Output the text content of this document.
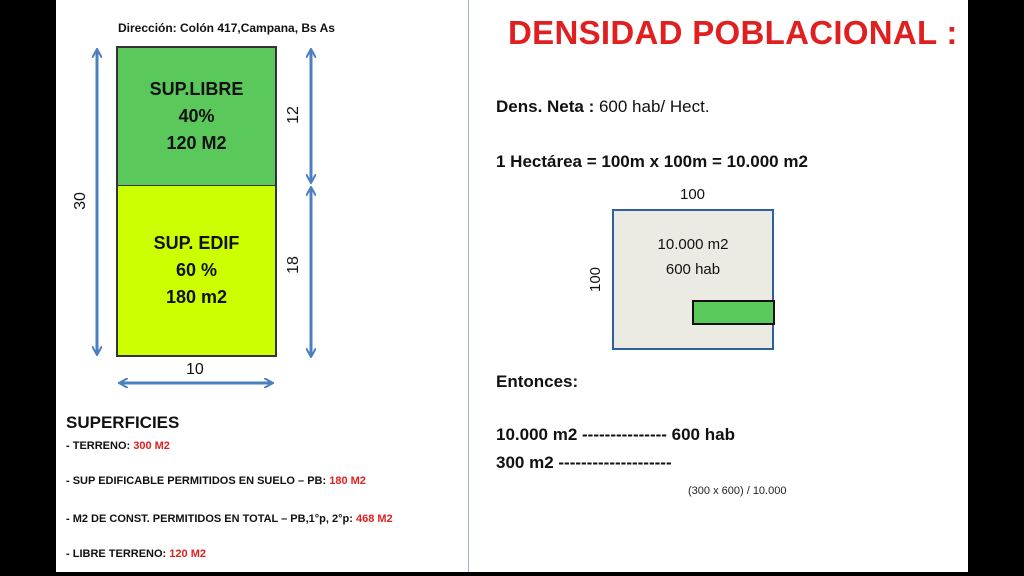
Dirección: Colón 417,Campana, Bs As
SUP.LIBRE
40%
120 M2
SUP. EDIF
60 %
180 m2
30
12
18
10
SUPERFICIES
- TERRENO: 300 M2
- SUP EDIFICABLE PERMITIDOS EN SUELO – PB: 180 M2
- M2 DE CONST. PERMITIDOS EN TOTAL – PB,1°p, 2°p: 468 M2
- LIBRE TERRENO: 120 M2
DENSIDAD POBLACIONAL :
Dens. Neta : 600 hab/ Hect.
1 Hectárea = 100m x 100m = 10.000 m2
100
100
10.000 m2
600 hab
Entonces:
10.000 m2 --------------- 600 hab
300 m2 --------------------
(300 x 600) / 10.000
